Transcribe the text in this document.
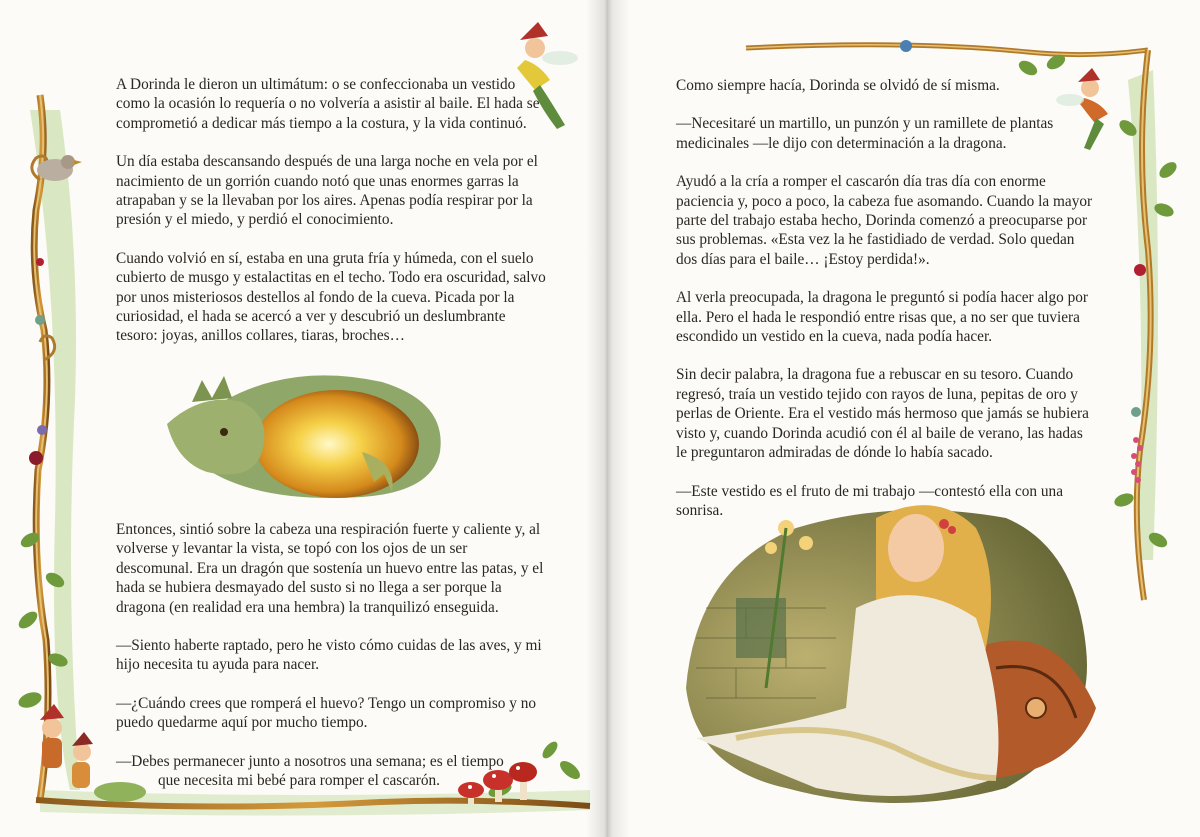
A Dorinda le dieron un ultimátum: o se confeccionaba un vestido como la ocasión lo requería o no volvería a asistir al baile. El hada se comprometió a dedicar más tiempo a la costura, y la vida continuó.

Un día estaba descansando después de una larga noche en vela por el nacimiento de un gorrión cuando notó que unas enormes garras la atrapaban y se la llevaban por los aires. Apenas podía respirar por la presión y el miedo, y perdió el conocimiento.

Cuando volvió en sí, estaba en una gruta fría y húmeda, con el suelo cubierto de musgo y estalactitas en el techo. Todo era oscuridad, salvo por unos misteriosos destellos al fondo de la cueva. Picada por la curiosidad, el hada se acercó a ver y descubrió un deslumbrante tesoro: joyas, anillos collares, tiaras, broches…

Entonces, sintió sobre la cabeza una respiración fuerte y caliente y, al volverse y levantar la vista, se topó con los ojos de un ser descomunal. Era un dragón que sostenía un huevo entre las patas, y el hada se hubiera desmayado del susto si no llega a ser porque la dragona (en realidad era una hembra) la tranquilizó enseguida.

—Siento haberte raptado, pero he visto cómo cuidas de las aves, y mi hijo necesita tu ayuda para nacer.

—¿Cuándo crees que romperá el huevo? Tengo un compromiso y no puedo quedarme aquí por mucho tiempo.

—Debes permanecer junto a nosotros una semana; es el tiempo
que necesita mi bebé para romper el cascarón.

Como siempre hacía, Dorinda se olvidó de sí misma.

—Necesitaré un martillo, un punzón y un ramillete de plantas medicinales —le dijo con determinación a la dragona.

Ayudó a la cría a romper el cascarón día tras día con enorme paciencia y, poco a poco, la cabeza fue asomando. Cuando la mayor parte del trabajo estaba hecho, Dorinda comenzó a preocuparse por sus problemas. «Esta vez la he fastidiado de verdad. Solo quedan dos días para el baile… ¡Estoy perdida!».

Al verla preocupada, la dragona le preguntó si podía hacer algo por ella. Pero el hada le respondió entre risas que, a no ser que tuviera escondido un vestido en la cueva, nada podía hacer.

Sin decir palabra, la dragona fue a rebuscar en su tesoro. Cuando regresó, traía un vestido tejido con rayos de luna, pepitas de oro y perlas de Oriente. Era el vestido más hermoso que jamás se hubiera visto y, cuando Dorinda acudió con él al baile de verano, las hadas le preguntaron admiradas de dónde lo había sacado.

—Este vestido es el fruto de mi trabajo —contestó ella con una sonrisa.
